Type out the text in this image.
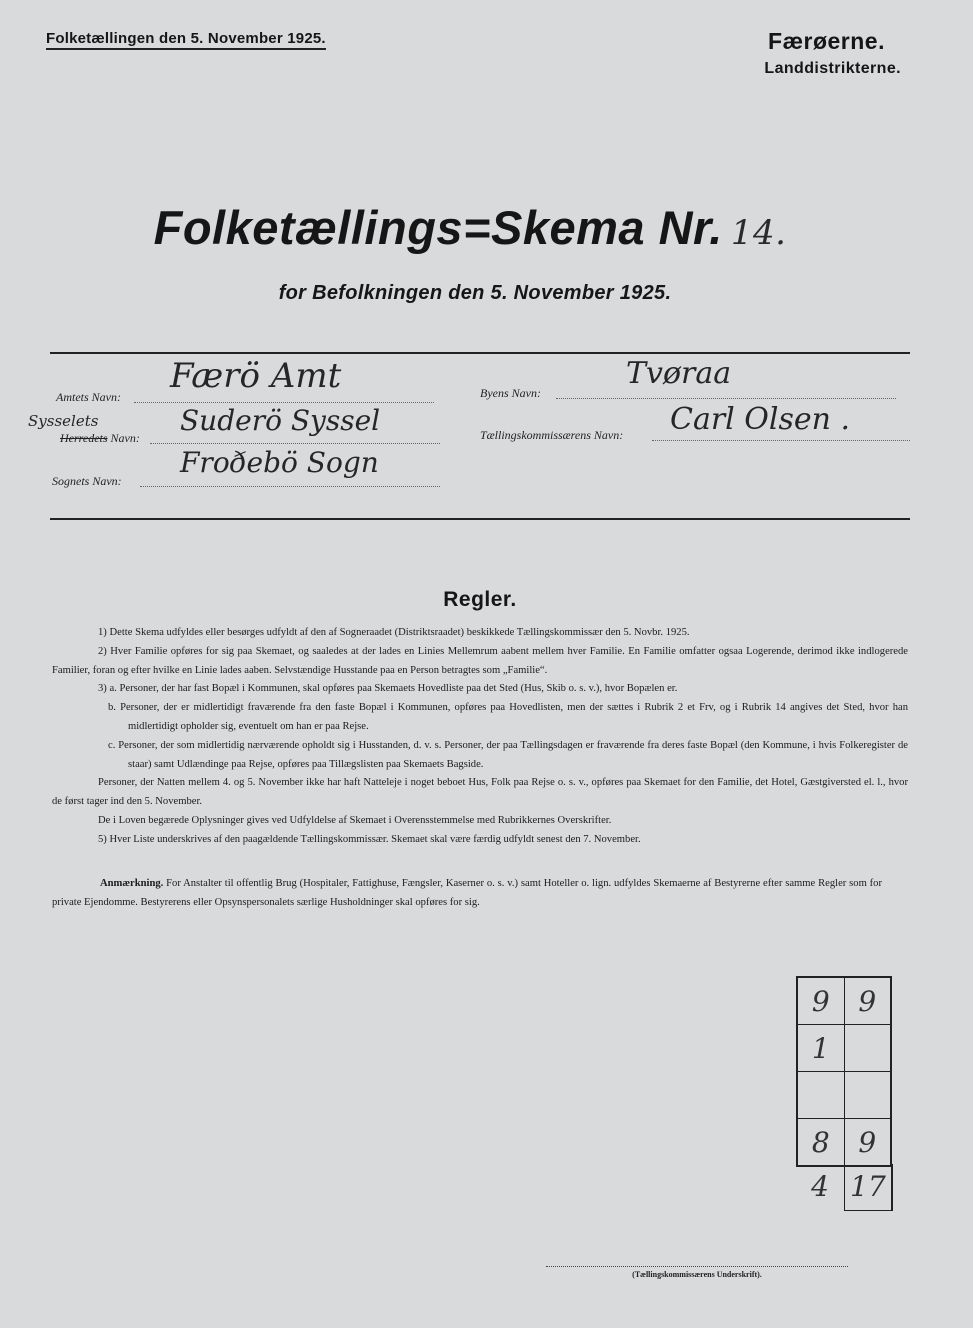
Folketællingen den 5. November 1925.	Færøerne.
Landdistrikterne.
Folketællings=Skema Nr. 14.
for Befolkningen den 5. November 1925.
Amtets Navn:
Færö Amt
Sysselets
Herredets Navn:
Suderö Syssel
Sognets Navn:
Froðebö Sogn
Byens Navn:
Tvøraa
Tællingskommissærens Navn: Carl Olsen .
Regler.

1) Dette Skema udfyldes eller besørges udfyldt af den af Sogneraadet (Distriktsraadet) beskikkede Tællingskommissær den 5. Novbr. 1925.

2) Hver Familie opføres for sig paa Skemaet, og saaledes at der lades en Linies Mellemrum aabent mellem hver Familie. En Familie omfatter ogsaa Logerende, derimod ikke indlogerede Familier, foran og efter hvilke en Linie lades aaben. Selvstændige Husstande paa en Person betragtes som „Familie“.

3) a. Personer, der har fast Bopæl i Kommunen, skal opføres paa Skemaets Hovedliste paa det Sted (Hus, Skib o. s. v.), hvor Bopælen er.

b. Personer, der er midlertidigt fraværende fra den faste Bopæl i Kommunen, opføres paa Hovedlisten, men der sættes i Rubrik 2 et Frv, og i Rubrik 14 angives det Sted, hvor han midlertidigt opholder sig, eventuelt om han er paa Rejse.

c. Personer, der som midlertidig nærværende opholdt sig i Husstanden, d. v. s. Personer, der paa Tællingsdagen er fraværende fra deres faste Bopæl (den Kommune, i hvis Folkeregister de staar) samt Udlændinge paa Rejse, opføres paa Tillægslisten paa Skemaets Bagside.

Personer, der Natten mellem 4. og 5. November ikke har haft Natteleje i noget beboet Hus, Folk paa Rejse o. s. v., opføres paa Skemaet for den Familie, det Hotel, Gæstgiversted el. l., hvor de først tager ind den 5. November.

De i Loven begærede Oplysninger gives ved Udfyldelse af Skemaet i Overensstemmelse med Rubrikkernes Overskrifter.

5) Hver Liste underskrives af den paagældende Tællingskommissær. Skemaet skal være færdig udfyldt senest den 7. November.

Anmærkning. For Anstalter til offentlig Brug (Hospitaler, Fattighuse, Fængsler, Kaserner o. s. v.) samt Hoteller o. lign. udfyldes Skemaerne af Bestyrerne efter samme Regler som for private Ejendomme. Bestyrerens eller Opsynspersonalets særlige Husholdninger skal opføres for sig.

9	9
1	

8	9
4 17
(Tællingskommissærens Underskrift).
